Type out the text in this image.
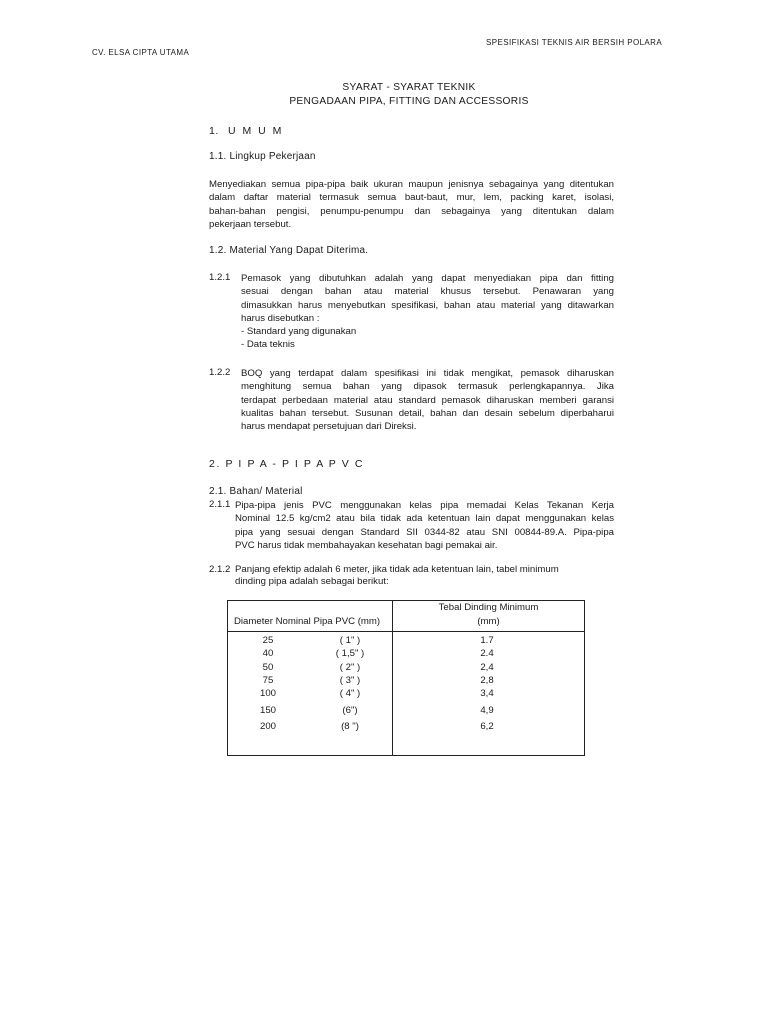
SPESIFIKASI TEKNIS AIR BERSIH POLARA
CV. ELSA CIPTA UTAMA
SYARAT - SYARAT TEKNIK
PENGADAAN PIPA, FITTING DAN ACCESSORIS
1. U M U M
1.1. Lingkup Pekerjaan
Menyediakan semua pipa-pipa baik ukuran maupun jenisnya sebagainya yang ditentukan
dalam daftar material termasuk semua baut-baut, mur, lem, packing karet, isolasi,
bahan-bahan pengisi, penumpu-penumpu dan sebagainya yang ditentukan dalam
pekerjaan tersebut.
1.2. Material Yang Dapat Diterima.
1.2.1 Pemasok yang dibutuhkan adalah yang dapat menyediakan pipa dan fitting
sesuai dengan bahan atau material khusus tersebut. Penawaran yang
dimasukkan harus menyebutkan spesifikasi, bahan atau material yang ditawarkan
harus disebutkan :
- Standard yang digunakan
- Data teknis
1.2.2 BOQ yang terdapat dalam spesifikasi ini tidak mengikat, pemasok diharuskan
menghitung semua bahan yang dipasok termasuk perlengkapannya. Jika
terdapat perbedaan material atau standard pemasok diharuskan memberi garansi
kualitas bahan tersebut. Susunan detail, bahan dan desain sebelum diperbaharui
harus mendapat persetujuan dari Direksi.
2. P I P A - P I P A P V C
2.1. Bahan/ Material
2.1.1 Pipa-pipa jenis PVC menggunakan kelas pipa memadai Kelas Tekanan Kerja
Nominal 12.5 kg/cm2 atau bila tidak ada ketentuan lain dapat menggunakan kelas
pipa yang sesuai dengan Standard SII 0344-82 atau SNI 00844-89.A. Pipa-pipa
PVC harus tidak membahayakan kesehatan bagi pemakai air.
2.1.2 Panjang efektip adalah 6 meter, jika tidak ada ketentuan lain, tabel minimum
dinding pipa adalah sebagai berikut:
Diameter Nominal Pipa PVC (mm)
Tebal Dinding Minimum
(mm)
25	( 1" )	1.7
40	( 1,5" )	2.4
50	( 2" )	2,4
75	( 3" )	2,8
100	( 4" )	3,4
150	(6")	4,9
200	(8 ")	6,2
